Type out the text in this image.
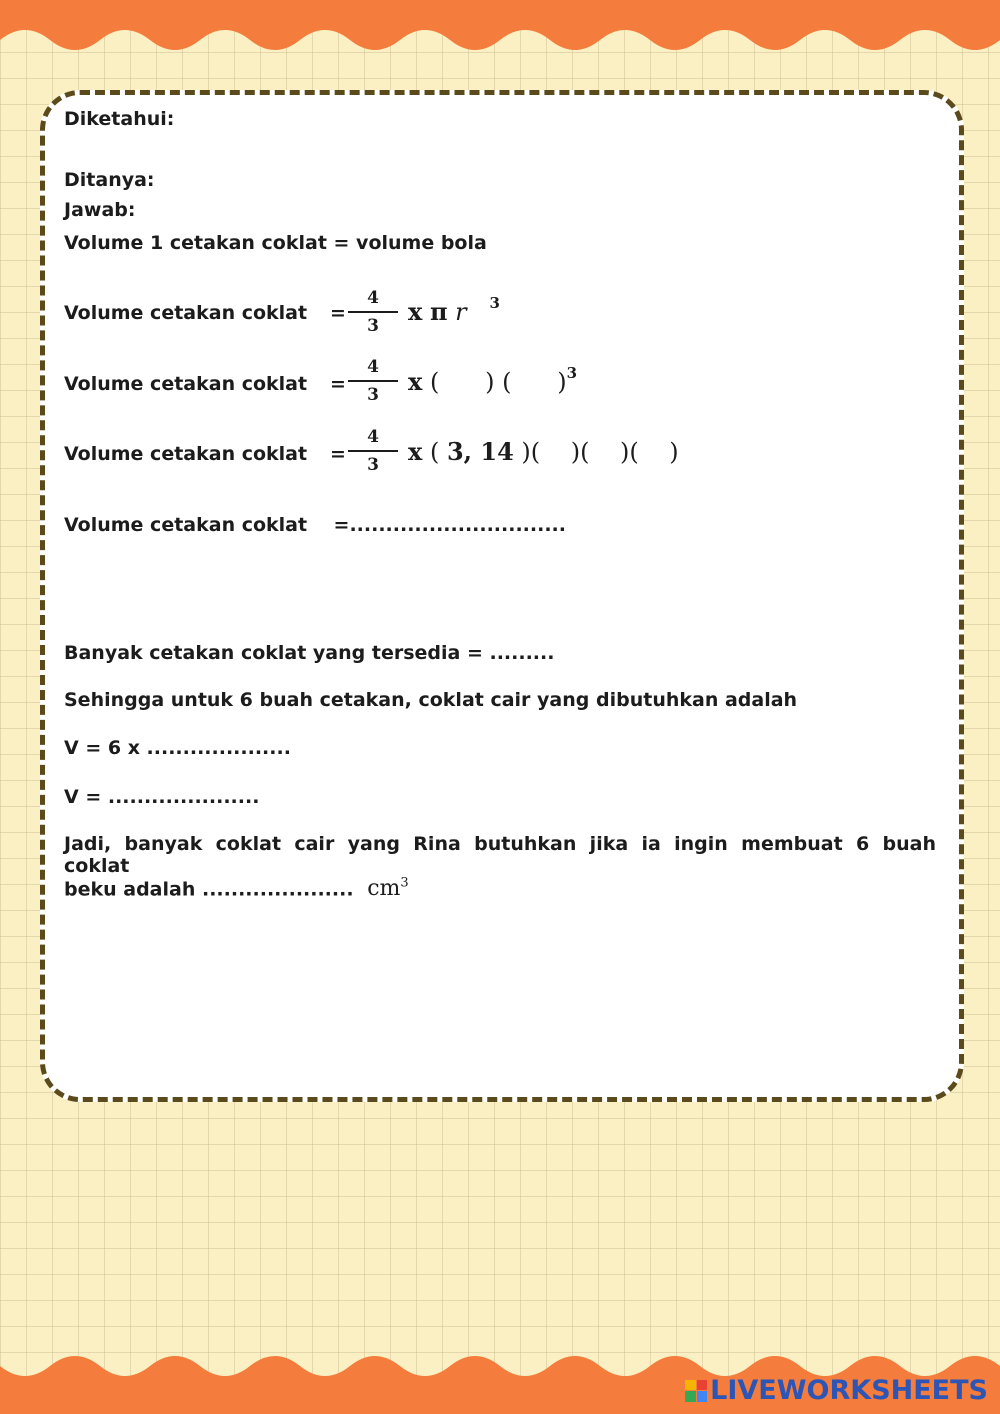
Diketahui:
Ditanya:
Jawab:
Volume 1 cetakan coklat = volume bola
Volume cetakan coklat =
4
3	x π r $^3$
Volume cetakan coklat =
4
3	x ( ) ( )$^3$
Volume cetakan coklat =
4
3	x ( 3, 14 )( )( )( )
Volume cetakan coklat    =..............................
Banyak cetakan coklat yang tersedia = .........
Sehingga untuk 6 buah cetakan, coklat cair yang dibutuhkan adalah
V = 6 x ....................
V = .....................
Jadi, banyak coklat cair yang Rina butuhkan jika ia ingin membuat 6 buah coklat
beku adalah ..................... $cm^3$
LIVEWORKSHEETS
